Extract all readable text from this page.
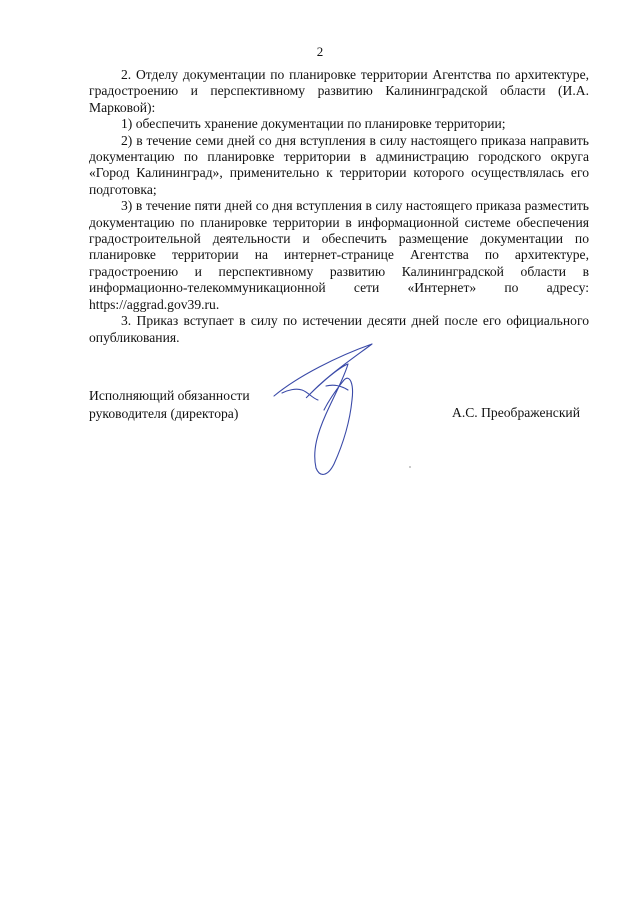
2

2. Отделу документации по планировке территории Агентства по архитектуре, градостроению и перспективному развитию Калининградской области (И.А. Марковой):

1) обеспечить хранение документации по планировке территории;

2) в течение семи дней со дня вступления в силу настоящего приказа направить документацию по планировке территории в администрацию городского округа «Город Калининград», применительно к территории которого осуществлялась его подготовка;

3) в течение пяти дней со дня вступления в силу настоящего приказа разместить документацию по планировке территории в информационной системе обеспечения градостроительной деятельности и обеспечить размещение документации по планировке территории на интернет-странице Агентства по архитектуре, градостроению и перспективному развитию Калининградской области в информационно-телекоммуникационной сети «Интернет» по адресу: https://aggrad.gov39.ru.

3. Приказ вступает в силу по истечении десяти дней после его официального опубликования.

Исполняющий обязанности
руководителя (директора)	А.С. Преображенский
